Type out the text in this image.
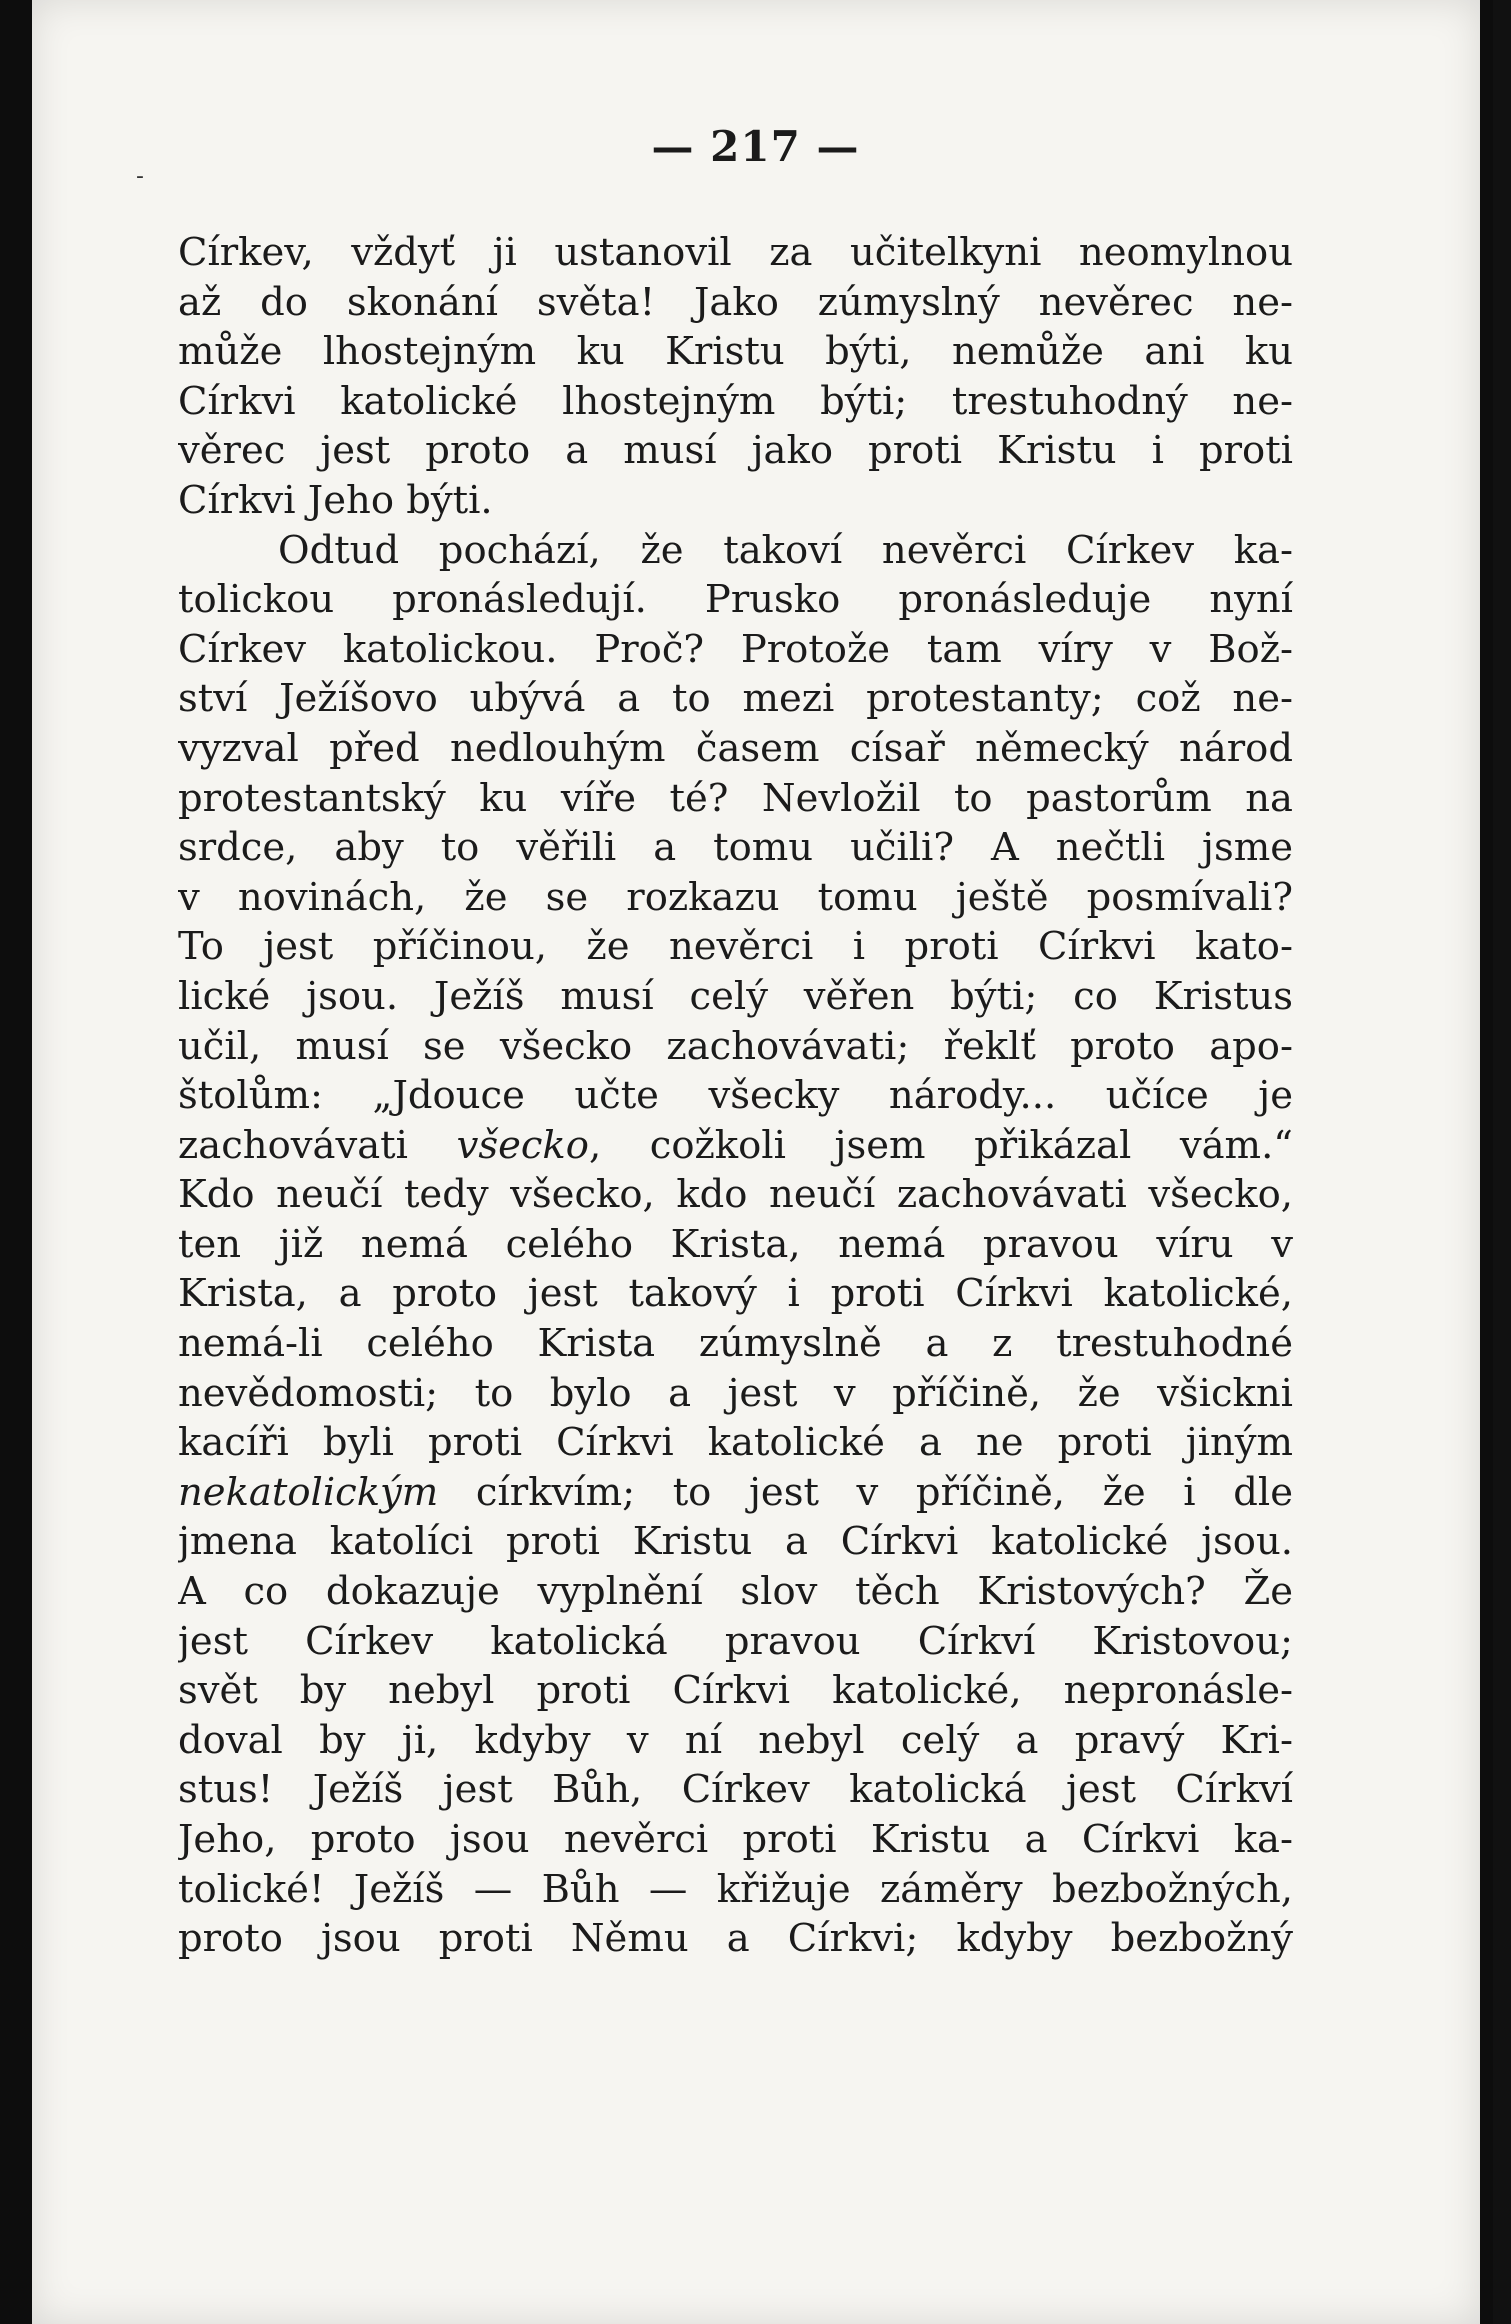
‑
— 217 —
Církev, vždyť ji ustanovil za učitelkyni neomylnou
až do skonání světa! Jako zúmyslný nevěrec ne-
může lhostejným ku Kristu býti, nemůže ani ku
Církvi katolické lhostejným býti; trestuhodný ne-
věrec jest proto a musí jako proti Kristu i proti
Církvi Jeho býti.
Odtud pochází, že takoví nevěrci Církev ka-
tolickou pronásledují. Prusko pronásleduje nyní
Církev katolickou. Proč? Protože tam víry v Bož-
ství Ježíšovo ubývá a to mezi protestanty; což ne-
vyzval před nedlouhým časem císař německý národ
protestantský ku víře té? Nevložil to pastorům na
srdce, aby to věřili a tomu učili? A nečtli jsme
v novinách, že se rozkazu tomu ještě posmívali?
To jest příčinou, že nevěrci i proti Církvi kato-
lické jsou. Ježíš musí celý věřen býti; co Kristus
učil, musí se všecko zachovávati; řeklť proto apo-
štolům: „Jdouce učte všecky národy... učíce je
zachovávati všecko, cožkoli jsem přikázal vám.“
Kdo neučí tedy všecko, kdo neučí zachovávati všecko,
ten již nemá celého Krista, nemá pravou víru v
Krista, a proto jest takový i proti Církvi katolické,
nemá-li celého Krista zúmyslně a z trestuhodné
nevědomosti; to bylo a jest v příčině, že všickni
kacíři byli proti Církvi katolické a ne proti jiným
nekatolickým církvím; to jest v příčině, že i dle
jmena katolíci proti Kristu a Církvi katolické jsou.
A co dokazuje vyplnění slov těch Kristových? Že
jest Církev katolická pravou Církví Kristovou;
svět by nebyl proti Církvi katolické, nepronásle-
doval by ji, kdyby v ní nebyl celý a pravý Kri-
stus! Ježíš jest Bůh, Církev katolická jest Církví
Jeho, proto jsou nevěrci proti Kristu a Církvi ka-
tolické! Ježíš — Bůh — křižuje záměry bezbožných,
proto jsou proti Němu a Církvi; kdyby bezbožný
